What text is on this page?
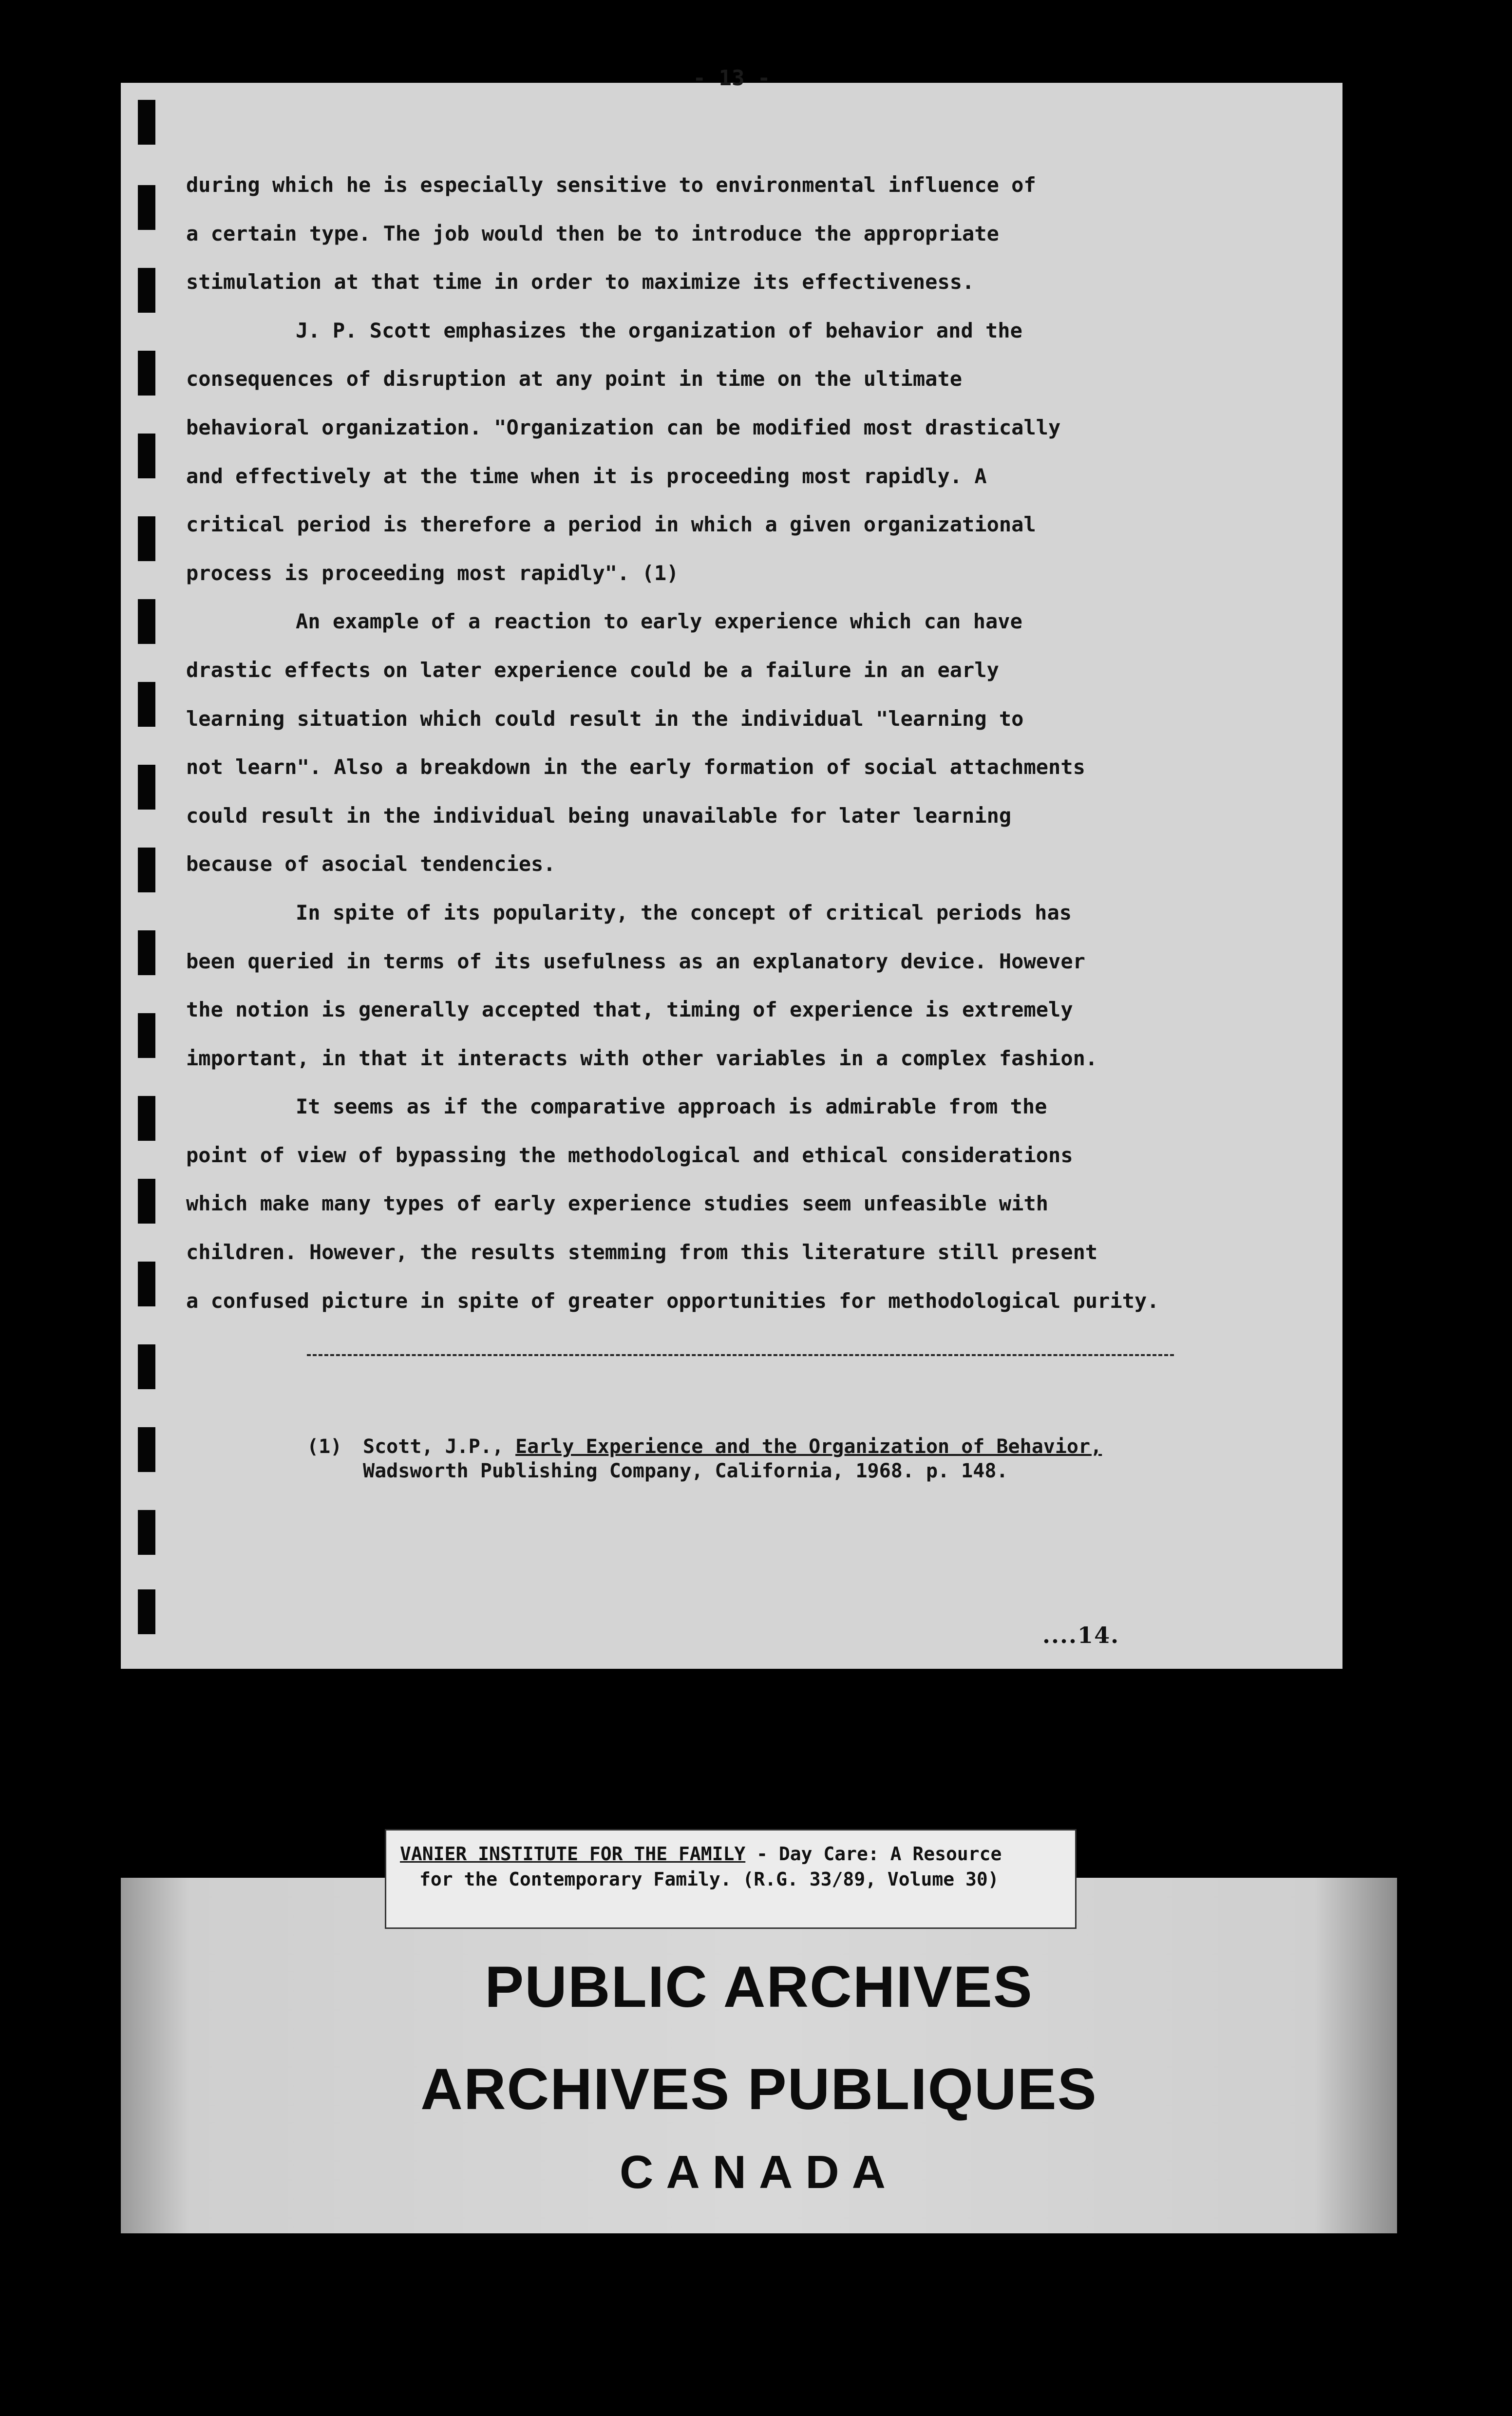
- 13 -

during which he is especially sensitive to environmental influence of
a certain type. The job would then be to introduce the appropriate
stimulation at that time in order to maximize its effectiveness.

J. P. Scott emphasizes the organization of behavior and the
consequences of disruption at any point in time on the ultimate
behavioral organization. "Organization can be modified most drastically
and effectively at the time when it is proceeding most rapidly. A
critical period is therefore a period in which a given organizational
process is proceeding most rapidly". (1)

An example of a reaction to early experience which can have
drastic effects on later experience could be a failure in an early
learning situation which could result in the individual "learning to
not learn". Also a breakdown in the early formation of social attachments
could result in the individual being unavailable for later learning
because of asocial tendencies.

In spite of its popularity, the concept of critical periods has
been queried in terms of its usefulness as an explanatory device. However
the notion is generally accepted that, timing of experience is extremely
important, in that it interacts with other variables in a complex fashion.

It seems as if the comparative approach is admirable from the
point of view of bypassing the methodological and ethical considerations
which make many types of early experience studies seem unfeasible with
children. However, the results stemming from this literature still present
a confused picture in spite of greater opportunities for methodological purity.

(1) Scott, J.P., Early Experience and the Organization of Behavior,
Wadsworth Publishing Company, California, 1968. p. 148.
....14.
VANIER INSTITUTE FOR THE FAMILY - Day Care: A Resource
for the Contemporary Family. (R.G. 33/89, Volume 30)
PUBLIC ARCHIVES
ARCHIVES PUBLIQUES
CANADA
